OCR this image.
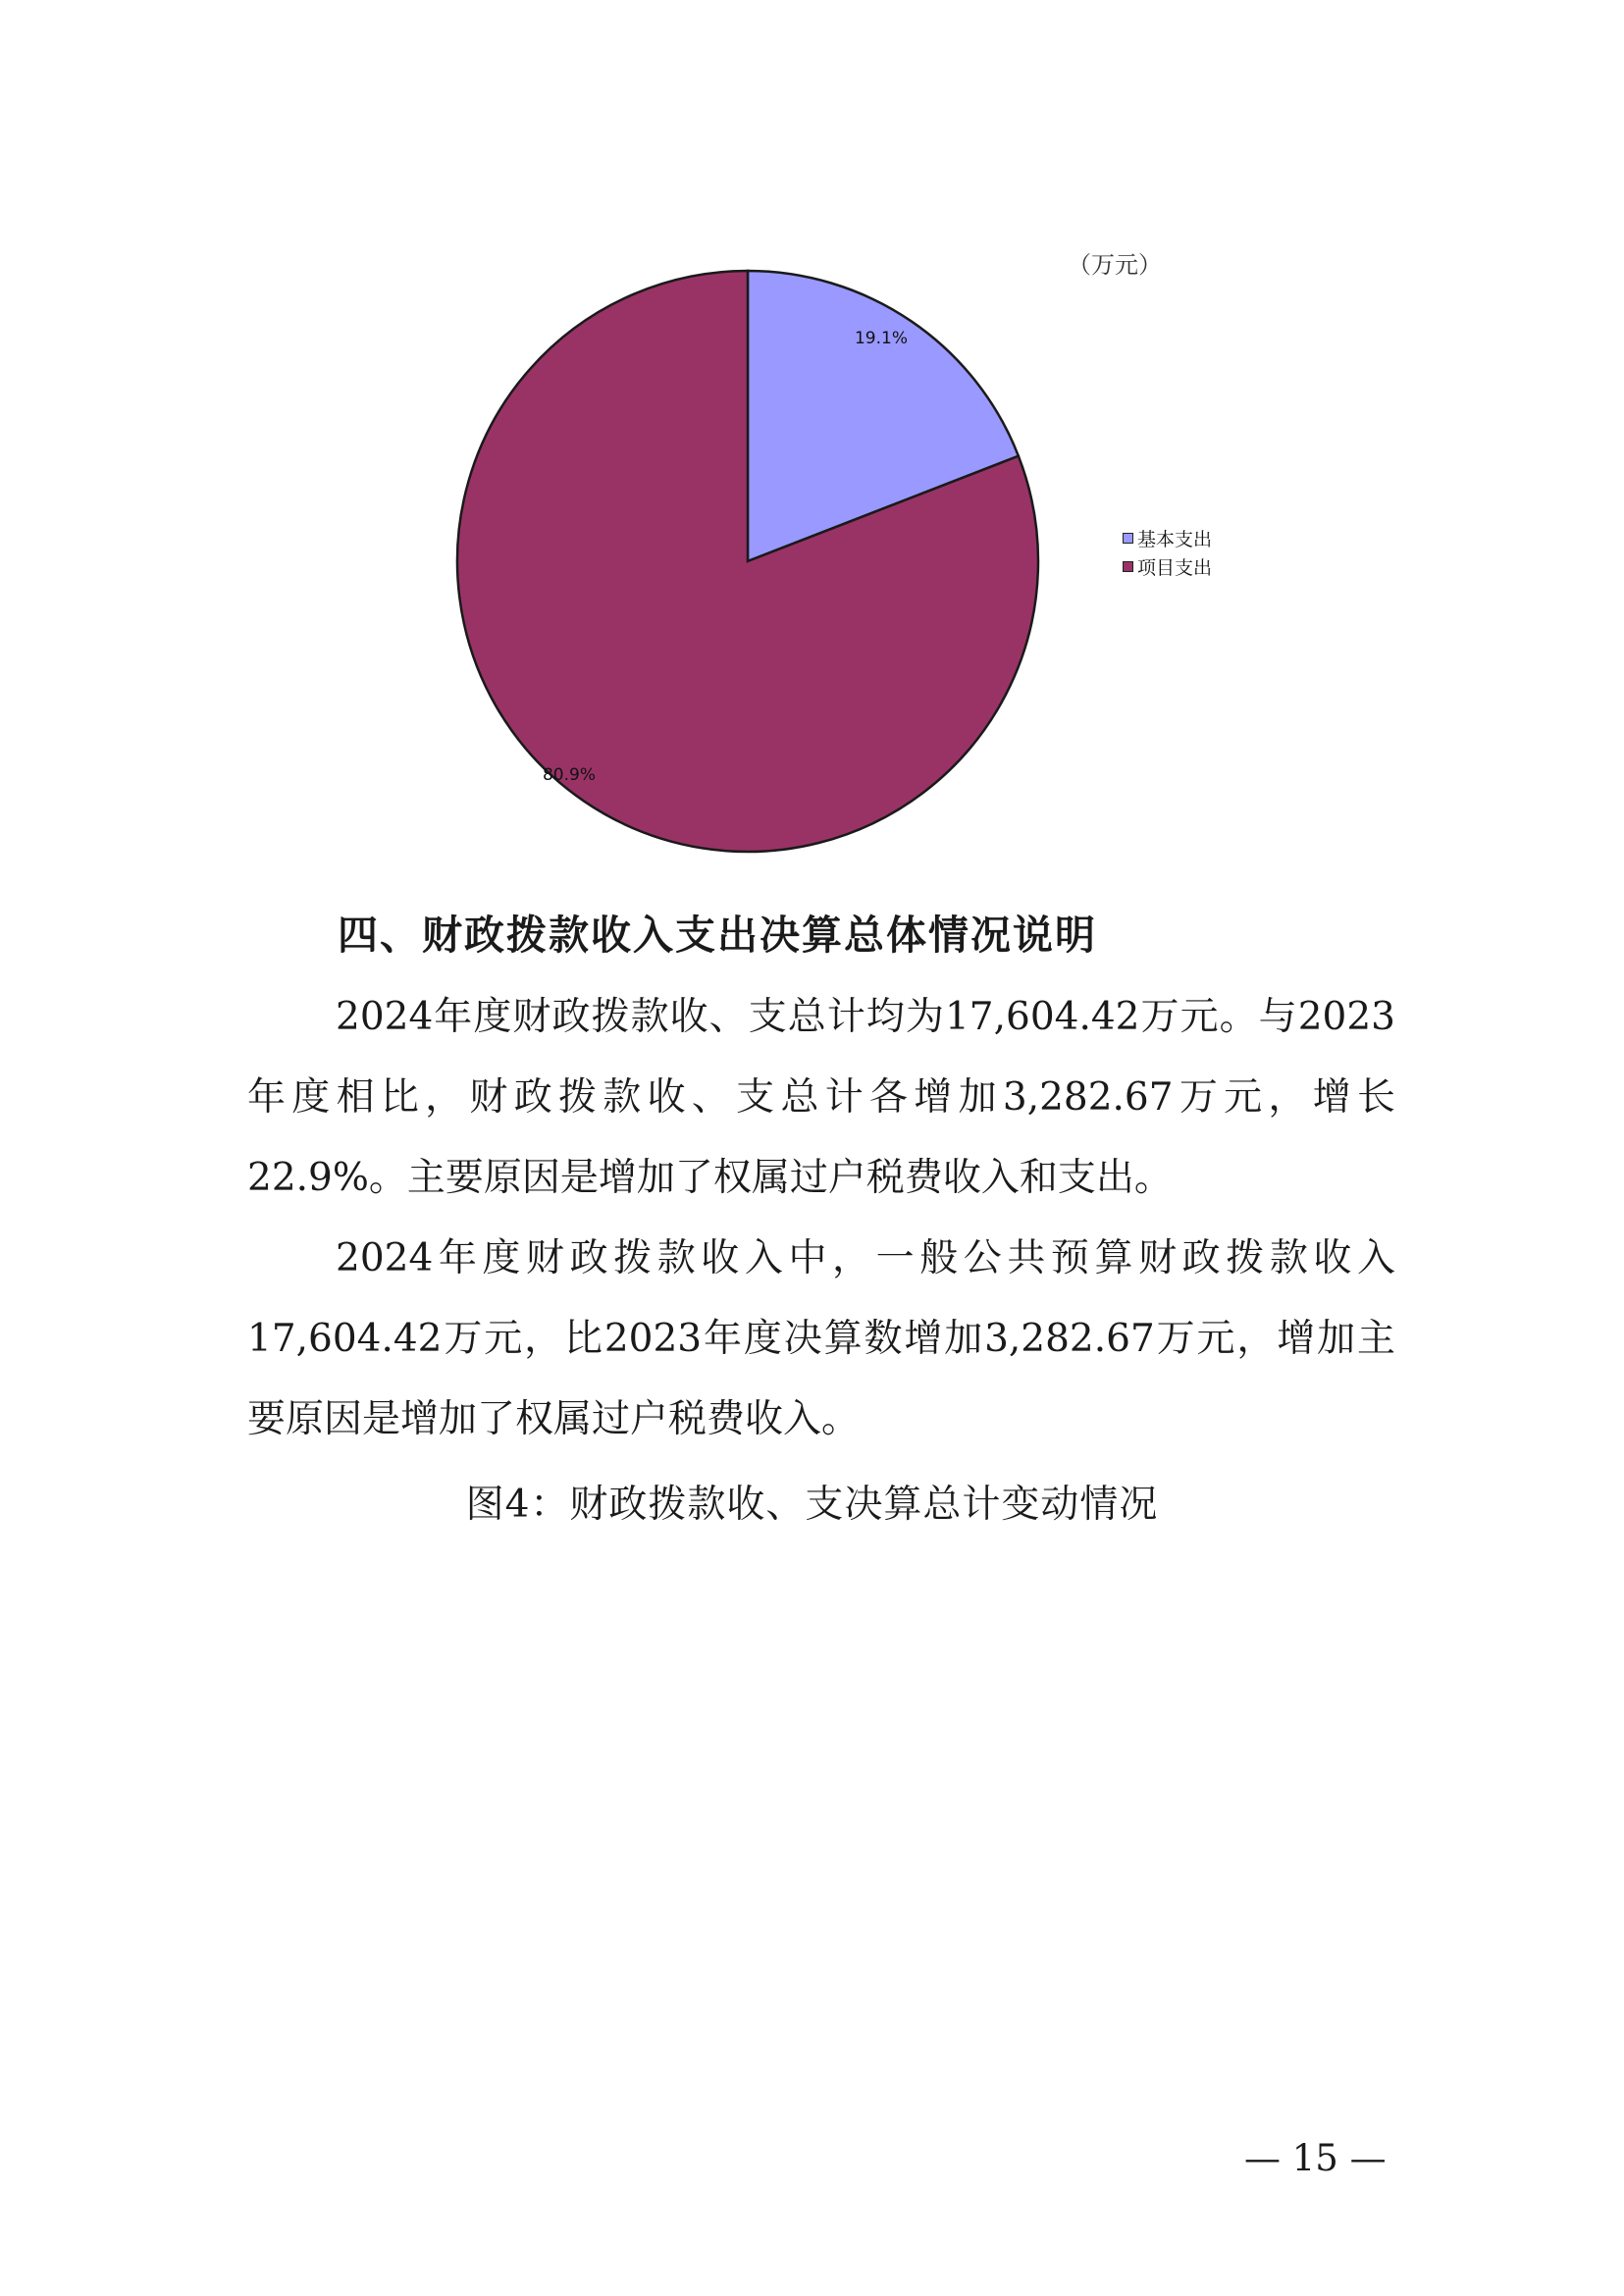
（万元）
19.1%
80.9%
基本支出
项目支出
四、财政拨款收入支出决算总体情况说明

2024年度财政拨款收、支总计均为17,604.42万元。与2023年度相比，财政拨款收、支总计各增加3,282.67万元，增长22.9%。主要原因是增加了权属过户税费收入和支出。

2024年度财政拨款收入中，一般公共预算财政拨款收入17,604.42万元，比2023年度决算数增加3,282.67万元，增加主要原因是增加了权属过户税费收入。

图4：财政拨款收、支决算总计变动情况

— 15 —
